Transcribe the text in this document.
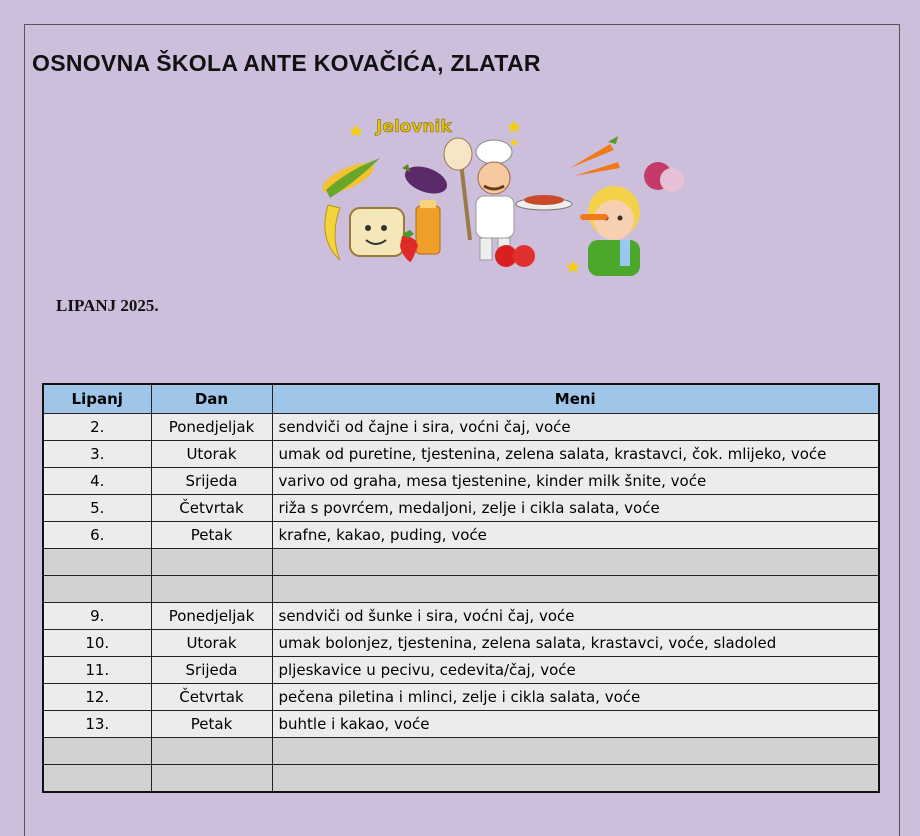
OSNOVNA ŠKOLA ANTE KOVAČIĆA, ZLATAR
Jelovnik
LIPANJ 2025.
Lipanj	Dan	Meni
2.	Ponedjeljak	sendviči od čajne i sira, voćni čaj, voće
3.	Utorak	umak od puretine, tjestenina, zelena salata, krastavci, čok. mlijeko, voće
4.	Srijeda	varivo od graha, mesa tjestenine, kinder milk šnite, voće
5.	Četvrtak	riža s povrćem, medaljoni, zelje i cikla salata, voće
6.	Petak	krafne, kakao, puding, voće

9.	Ponedjeljak	sendviči od šunke i sira, voćni čaj, voće
10.	Utorak	umak bolonjez, tjestenina, zelena salata, krastavci, voće, sladoled
11.	Srijeda	pljeskavice u pecivu, cedevita/čaj, voće
12.	Četvrtak	pečena piletina i mlinci, zelje i cikla salata, voće
13.	Petak	buhtle i kakao, voće
